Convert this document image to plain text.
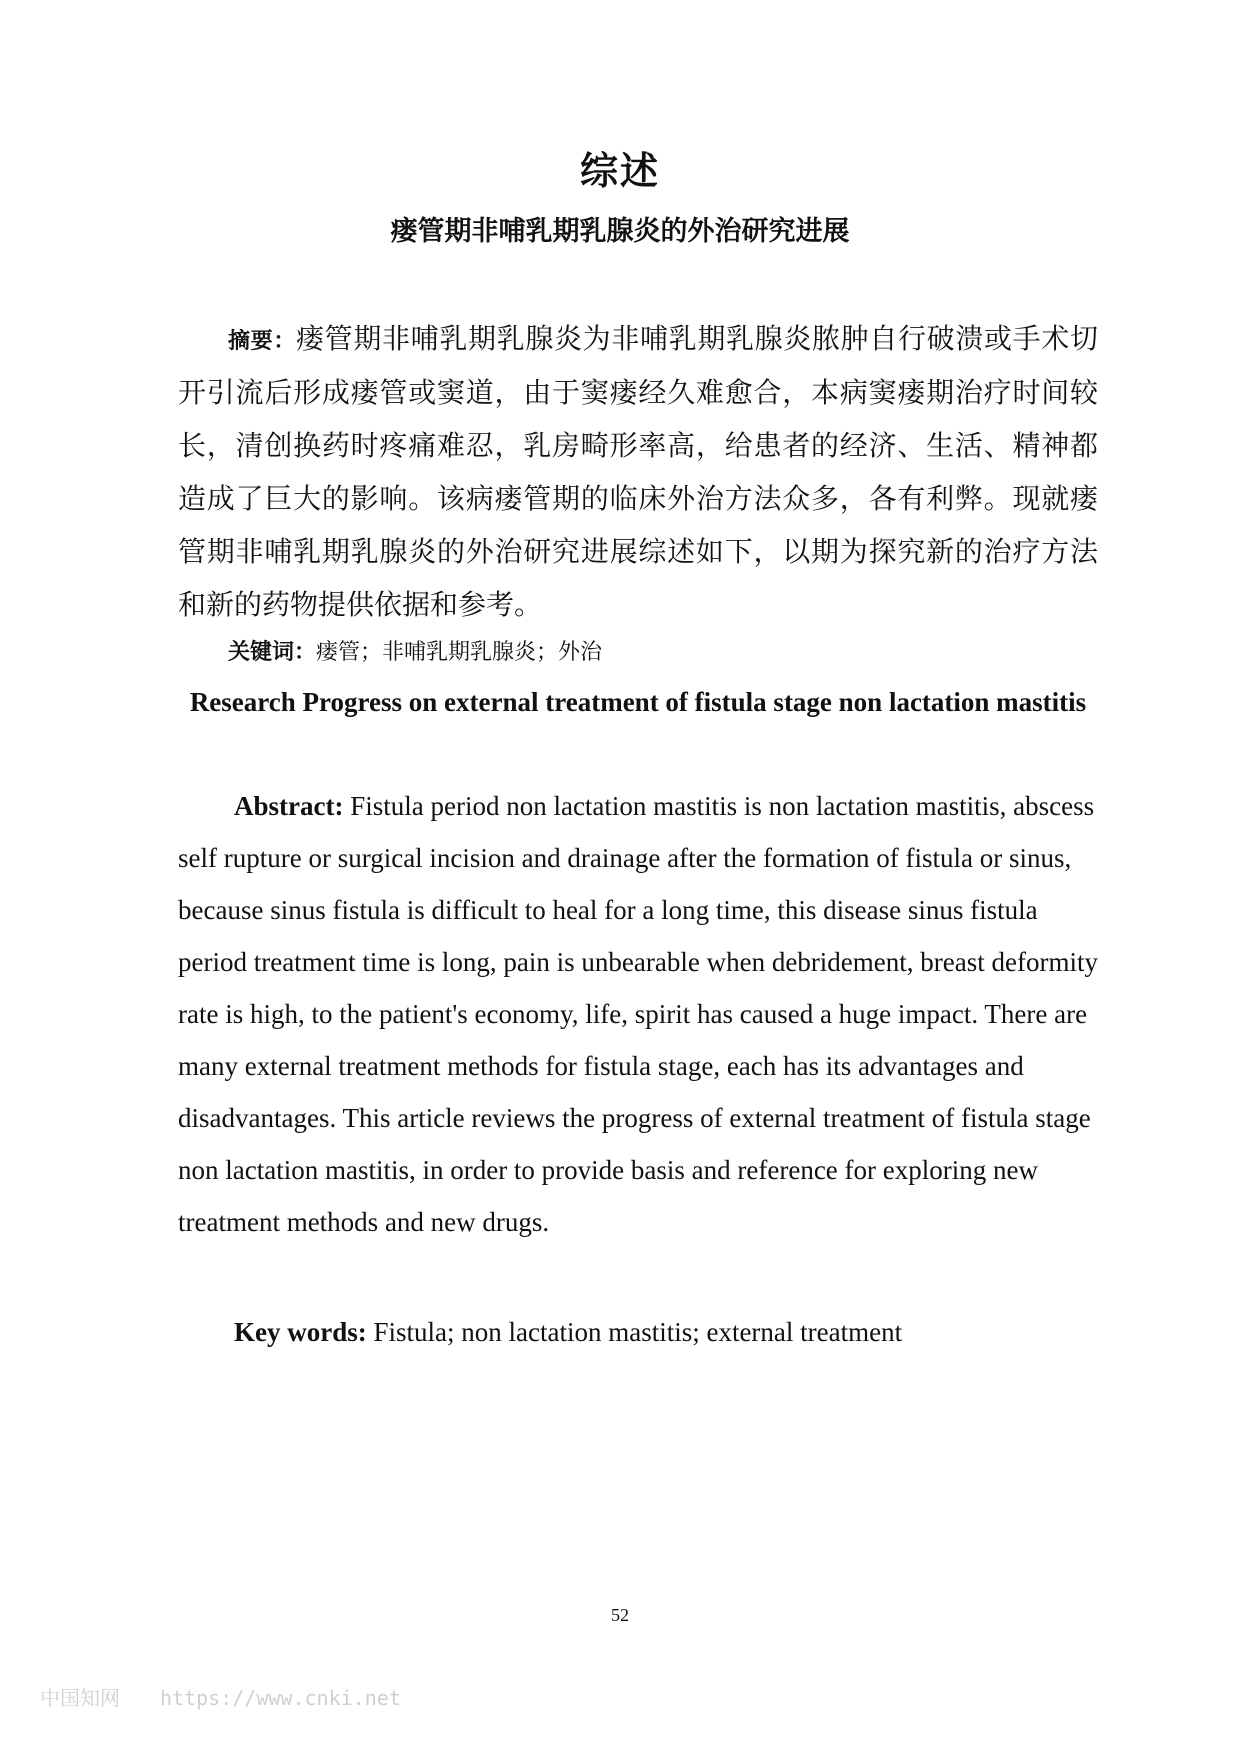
综述
瘘管期非哺乳期乳腺炎的外治研究进展

摘要：瘘管期非哺乳期乳腺炎为非哺乳期乳腺炎脓肿自行破溃或手术切开引流后形成瘘管或窦道，由于窦瘘经久难愈合，本病窦瘘期治疗时间较长，清创换药时疼痛难忍，乳房畸形率高，给患者的经济、生活、精神都造成了巨大的影响。该病瘘管期的临床外治方法众多，各有利弊。现就瘘管期非哺乳期乳腺炎的外治研究进展综述如下，以期为探究新的治疗方法和新的药物提供依据和参考。

关键词：瘘管；非哺乳期乳腺炎；外治

Research Progress on external treatment of fistula stage non lactation mastitis

Abstract: Fistula period non lactation mastitis is non lactation mastitis, abscess self rupture or surgical incision and drainage after the formation of fistula or sinus, because sinus fistula is difficult to heal for a long time, this disease sinus fistula period treatment time is long, pain is unbearable when debridement, breast deformity rate is high, to the patient's economy, life, spirit has caused a huge impact. There are many external treatment methods for fistula stage, each has its advantages and disadvantages. This article reviews the progress of external treatment of fistula stage non lactation mastitis, in order to provide basis and reference for exploring new treatment methods and new drugs.

Key words: Fistula; non lactation mastitis; external treatment

52
中国知网 https://www.cnki.net
